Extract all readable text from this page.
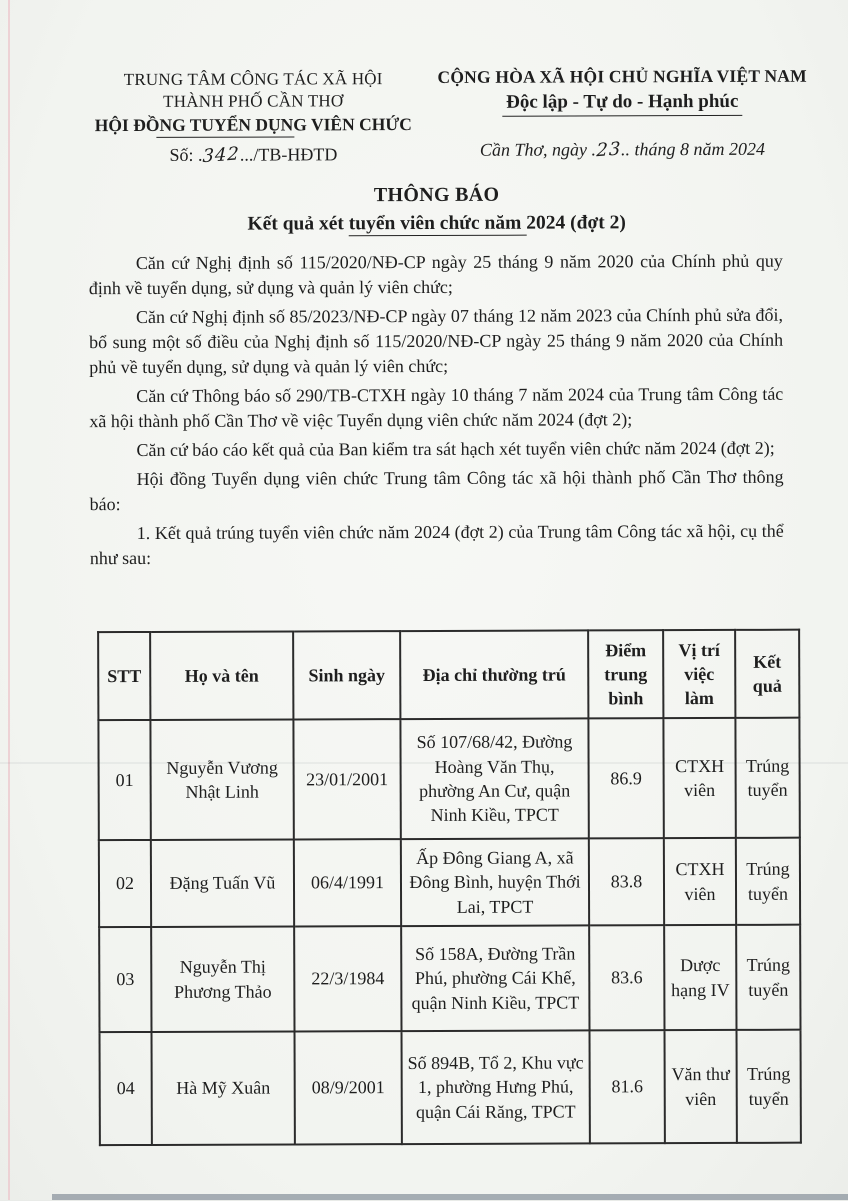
TRUNG TÂM CÔNG TÁC XÃ HỘI
THÀNH PHỐ CẦN THƠ
HỘI ĐỒNG TUYỂN DỤNG VIÊN CHỨC
Số: .342.../TB-HĐTD
CỘNG HÒA XÃ HỘI CHỦ NGHĨA VIỆT NAM
Độc lập - Tự do - Hạnh phúc
Cần Thơ, ngày .23.. tháng 8 năm 2024
THÔNG BÁO
Kết quả xét tuyển viên chức năm 2024 (đợt 2)

Căn cứ Nghị định số 115/2020/NĐ-CP ngày 25 tháng 9 năm 2020 của Chính phủ quy định về tuyển dụng, sử dụng và quản lý viên chức;

Căn cứ Nghị định số 85/2023/NĐ-CP ngày 07 tháng 12 năm 2023 của Chính phủ sửa đổi, bổ sung một số điều của Nghị định số 115/2020/NĐ-CP ngày 25 tháng 9 năm 2020 của Chính phủ về tuyển dụng, sử dụng và quản lý viên chức;

Căn cứ Thông báo số 290/TB-CTXH ngày 10 tháng 7 năm 2024 của Trung tâm Công tác xã hội thành phố Cần Thơ về việc Tuyển dụng viên chức năm 2024 (đợt 2);

Căn cứ báo cáo kết quả của Ban kiểm tra sát hạch xét tuyển viên chức năm 2024 (đợt 2);

Hội đồng Tuyển dụng viên chức Trung tâm Công tác xã hội thành phố Cần Thơ thông báo:

1. Kết quả trúng tuyển viên chức năm 2024 (đợt 2) của Trung tâm Công tác xã hội, cụ thể như sau:

STT	Họ và tên	Sinh ngày	Địa chỉ thường trú	Điểm trung bình	Vị trí việc làm	Kết quả
01	Nguyễn Vương Nhật Linh	23/01/2001	Số 107/68/42, Đường Hoàng Văn Thụ, phường An Cư, quận Ninh Kiều, TPCT	86.9	CTXH viên	Trúng tuyển
02	Đặng Tuấn Vũ	06/4/1991	Ấp Đông Giang A, xã Đông Bình, huyện Thới Lai, TPCT	83.8	CTXH viên	Trúng tuyển
03	Nguyễn Thị Phương Thảo	22/3/1984	Số 158A, Đường Trần Phú, phường Cái Khế, quận Ninh Kiều, TPCT	83.6	Dược hạng IV	Trúng tuyển
04	Hà Mỹ Xuân	08/9/2001	Số 894B, Tổ 2, Khu vực 1, phường Hưng Phú, quận Cái Răng, TPCT	81.6	Văn thư viên	Trúng tuyển
